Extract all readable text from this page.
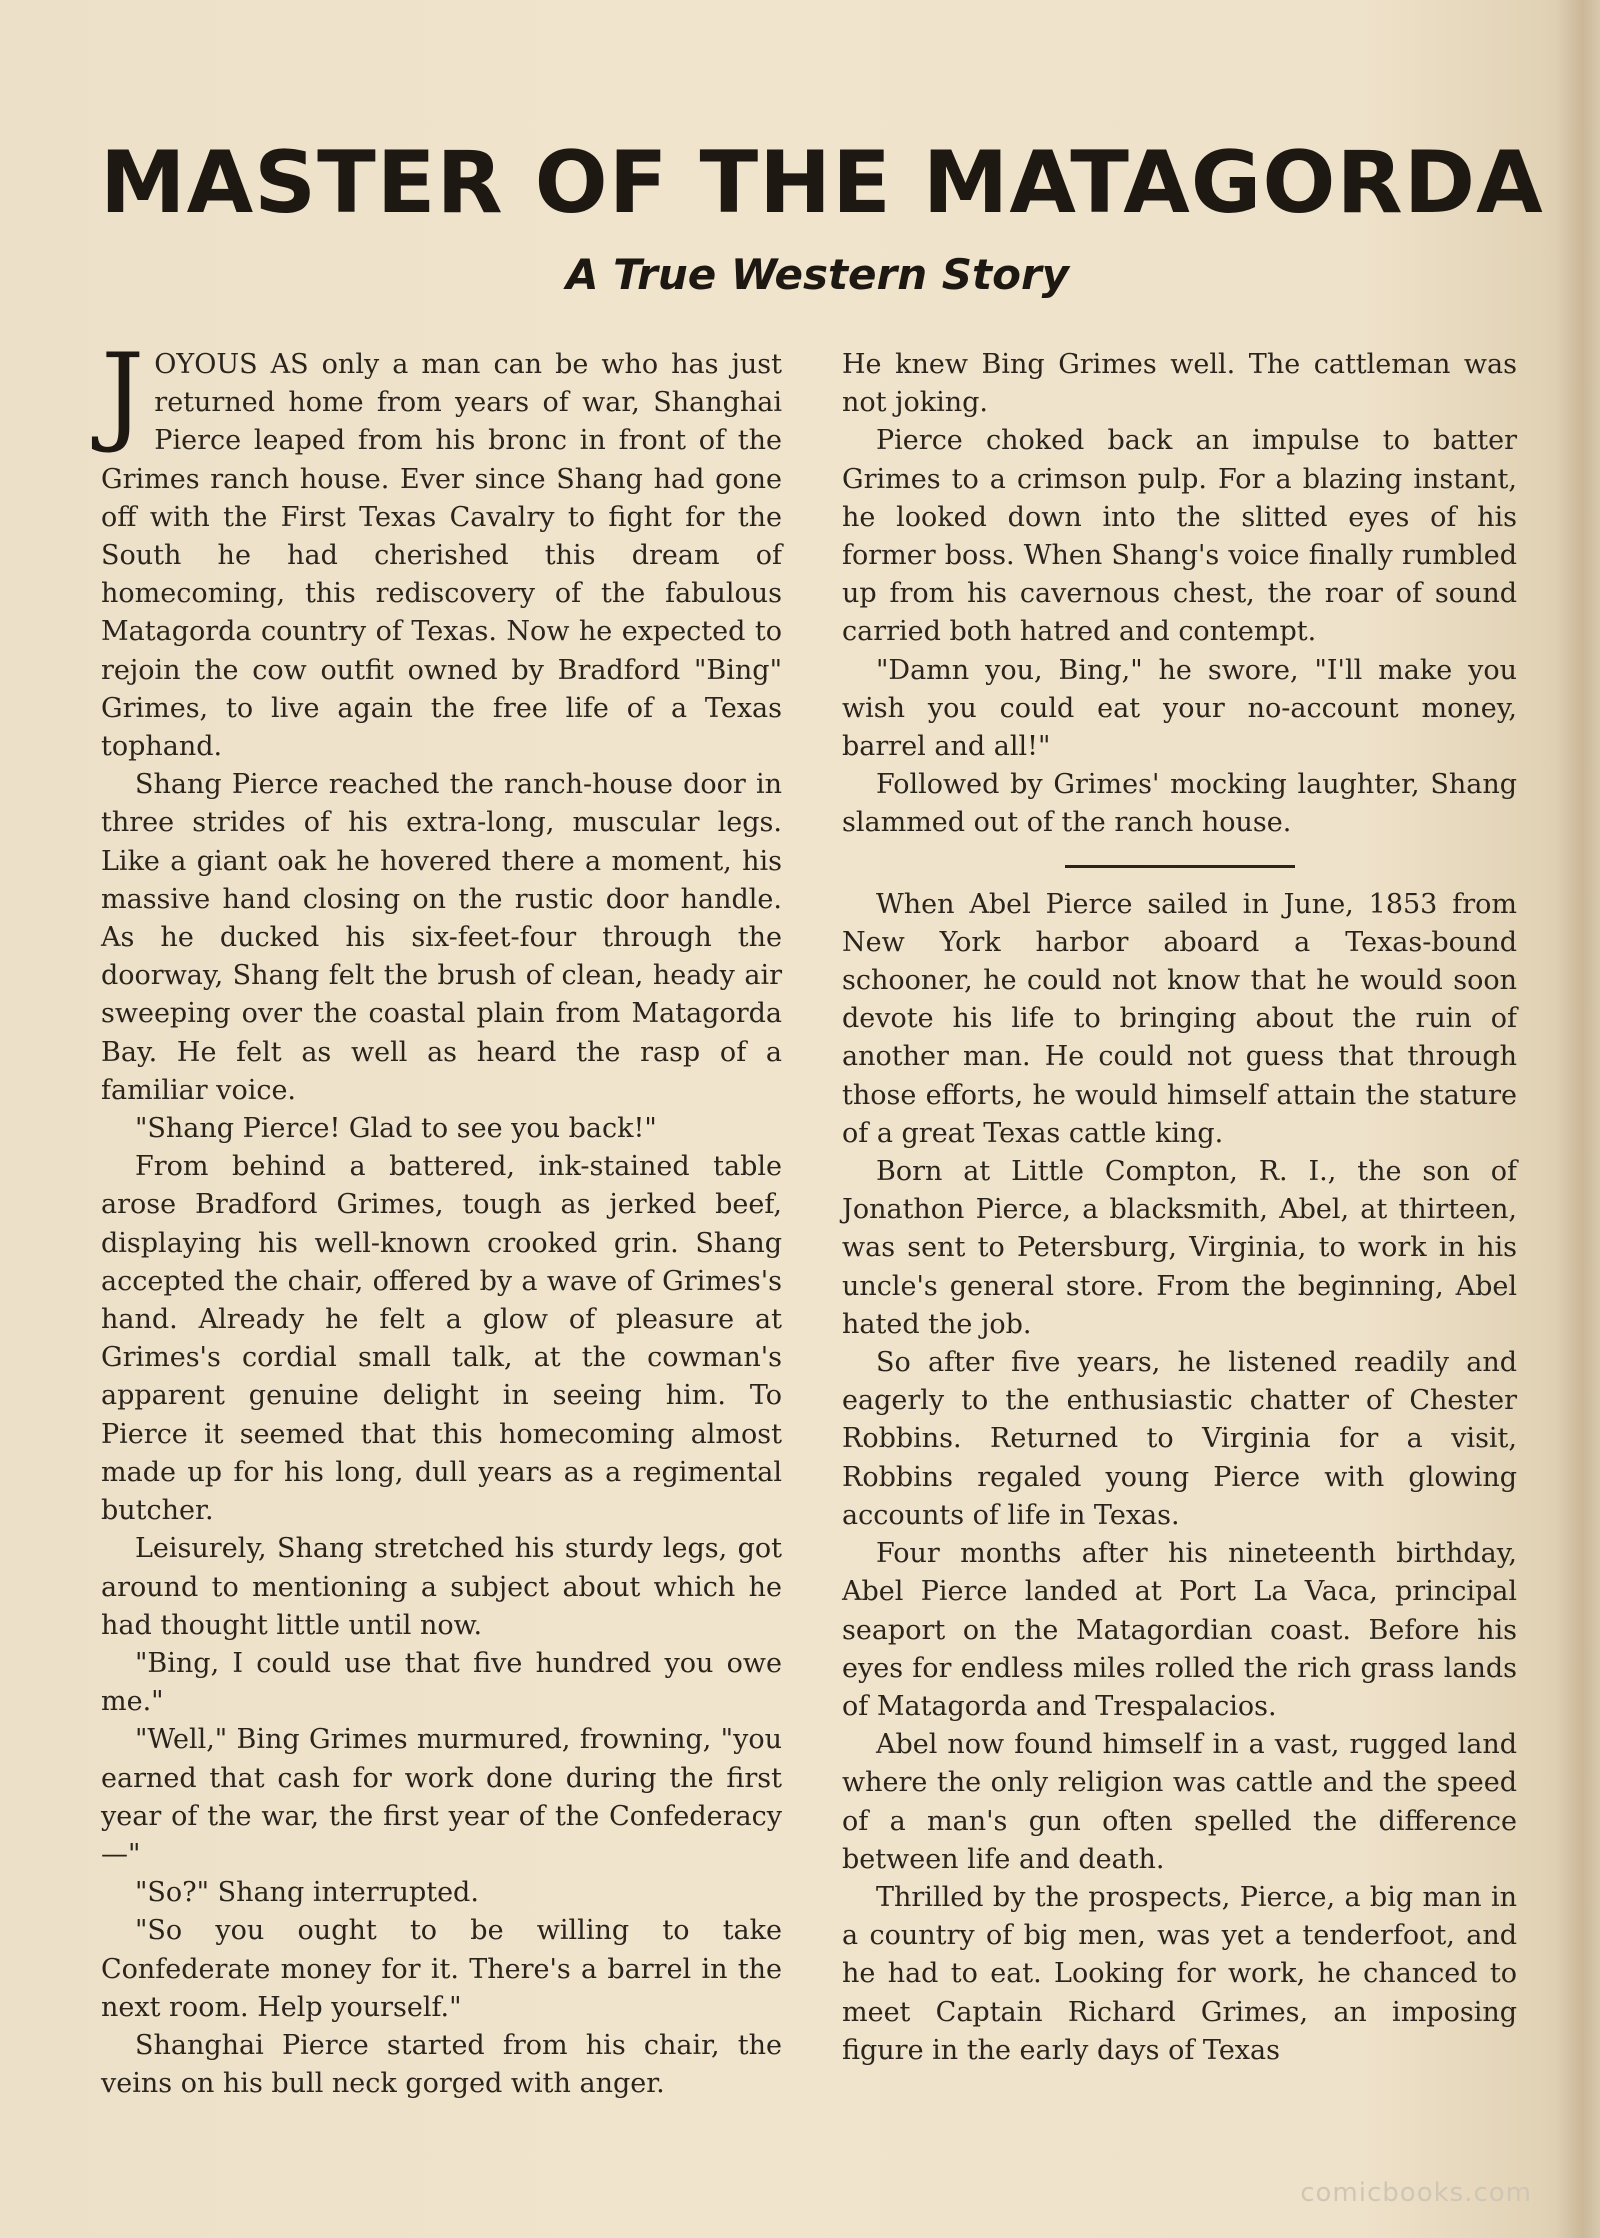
MASTER OF THE MATAGORDA
A True Western Story

JOYOUS AS only a man can be who has just returned home from years of war, Shanghai Pierce leaped from his bronc in front of the Grimes ranch house. Ever since Shang had gone off with the First Texas Cavalry to fight for the South he had cherished this dream of homecoming, this rediscovery of the fabulous Matagorda country of Texas. Now he expected to rejoin the cow outfit owned by Bradford "Bing" Grimes, to live again the free life of a Texas tophand.

Shang Pierce reached the ranch-house door in three strides of his extra-long, muscular legs. Like a giant oak he hovered there a moment, his massive hand closing on the rustic door handle. As he ducked his six-feet-four through the doorway, Shang felt the brush of clean, heady air sweeping over the coastal plain from Matagorda Bay. He felt as well as heard the rasp of a familiar voice.

"Shang Pierce! Glad to see you back!"

From behind a battered, ink-stained table arose Bradford Grimes, tough as jerked beef, displaying his well-known crooked grin. Shang accepted the chair, offered by a wave of Grimes's hand. Already he felt a glow of pleasure at Grimes's cordial small talk, at the cowman's apparent genuine delight in seeing him. To Pierce it seemed that this homecoming almost made up for his long, dull years as a regimental butcher.

Leisurely, Shang stretched his sturdy legs, got around to mentioning a subject about which he had thought little until now.

"Bing, I could use that five hundred you owe me."

"Well," Bing Grimes murmured, frowning, "you earned that cash for work done during the first year of the war, the first year of the Confederacy—"

"So?" Shang interrupted.

"So you ought to be willing to take Confederate money for it. There's a barrel in the next room. Help yourself."

Shanghai Pierce started from his chair, the veins on his bull neck gorged with anger.

He knew Bing Grimes well. The cattleman was not joking.

Pierce choked back an impulse to batter Grimes to a crimson pulp. For a blazing instant, he looked down into the slitted eyes of his former boss. When Shang's voice finally rumbled up from his cavernous chest, the roar of sound carried both hatred and contempt.

"Damn you, Bing," he swore, "I'll make you wish you could eat your no-account money, barrel and all!"

Followed by Grimes' mocking laughter, Shang slammed out of the ranch house.

When Abel Pierce sailed in June, 1853 from New York harbor aboard a Texas-bound schooner, he could not know that he would soon devote his life to bringing about the ruin of another man. He could not guess that through those efforts, he would himself attain the stature of a great Texas cattle king.

Born at Little Compton, R. I., the son of Jonathon Pierce, a blacksmith, Abel, at thirteen, was sent to Petersburg, Virginia, to work in his uncle's general store. From the beginning, Abel hated the job.

So after five years, he listened readily and eagerly to the enthusiastic chatter of Chester Robbins. Returned to Virginia for a visit, Robbins regaled young Pierce with glowing accounts of life in Texas.

Four months after his nineteenth birthday, Abel Pierce landed at Port La Vaca, principal seaport on the Matagordian coast. Before his eyes for endless miles rolled the rich grass lands of Matagorda and Trespalacios.

Abel now found himself in a vast, rugged land where the only religion was cattle and the speed of a man's gun often spelled the difference between life and death.

Thrilled by the prospects, Pierce, a big man in a country of big men, was yet a tenderfoot, and he had to eat. Looking for work, he chanced to meet Captain Richard Grimes, an imposing figure in the early days of Texas

comicbooks.com
